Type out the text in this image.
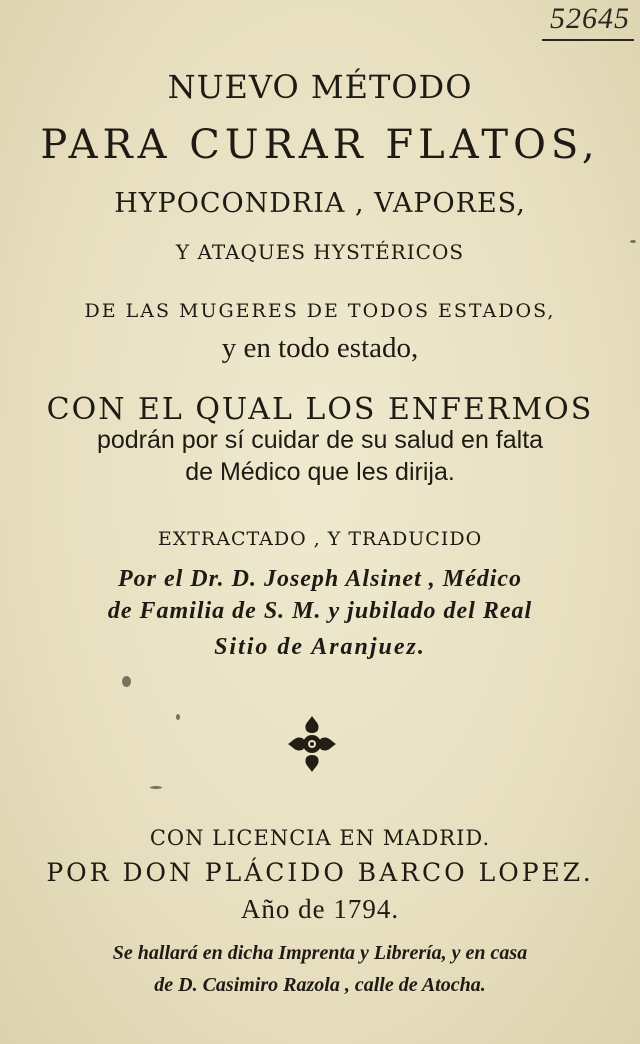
52645
NUEVO MÉTODO
PARA CURAR FLATOS,
HYPOCONDRIA , VAPORES,
Y ATAQUES HYSTÉRICOS
DE LAS MUGERES DE TODOS ESTADOS,
y en todo estado,
CON EL QUAL LOS ENFERMOS
podrán por sí cuidar de su salud en falta
de Médico que les dirija.
EXTRACTADO , Y TRADUCIDO
Por el Dr. D. Joseph Alsinet , Médico
de Familia de S. M. y jubilado del Real
Sitio de Aranjuez.
CON LICENCIA EN MADRID.
POR DON PLÁCIDO BARCO LOPEZ.
Año de 1794.
Se hallará en dicha Imprenta y Librería, y en casa
de D. Casimiro Razola , calle de Atocha.
